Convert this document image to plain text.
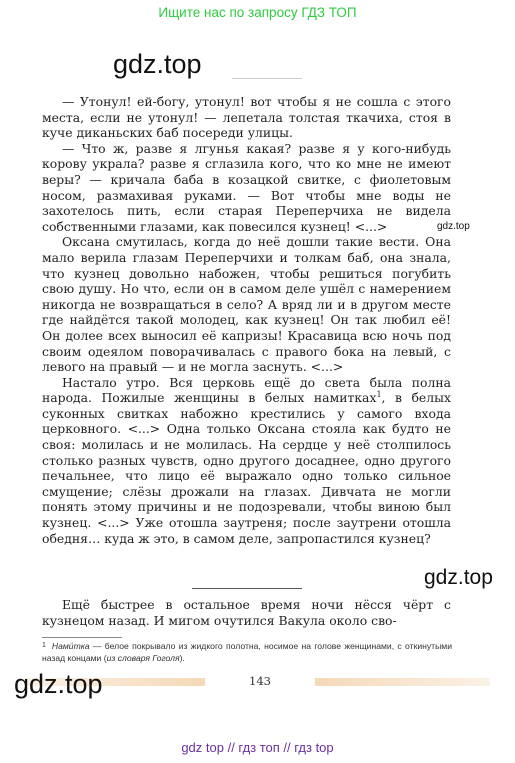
Ищите нас по запросу ГДЗ ТОП
gdz.top

— Утонул! ей-богу, утонул! вот чтобы я не сошла с этого места, если не утонул! — лепетала толстая ткачиха, стоя в куче диканьских баб посереди улицы.

— Что ж, разве я лгунья какая? разве я у кого-нибудь корову украла? разве я сглазила кого, что ко мне не имеют веры? — кричала баба в козацкой свитке, с фиолетовым носом, размахивая руками. — Вот чтобы мне воды не захотелось пить, если старая Переперчиха не видела собственными глазами, как повесился кузнец! <...>

Оксана смутилась, когда до неё дошли такие вести. Она мало верила глазам Переперчихи и толкам баб, она знала, что кузнец довольно набожен, чтобы решиться погубить свою душу. Но что, если он в самом деле ушёл с намерением никогда не возвращаться в село? А вряд ли и в другом месте где найдётся такой молодец, как кузнец! Он так любил её! Он долее всех выносил её капризы! Красавица всю ночь под своим одеялом поворачивалась с правого бока на левый, с левого на правый — и не могла заснуть. <...>

Настало утро. Вся церковь ещё до света была полна народа. Пожилые женщины в белых намитках$^1$, в белых суконных свитках набожно крестились у самого входа церковного. <...> Одна только Оксана стояла как будто не своя: молилась и не молилась. На сердце у неё столпилось столько разных чувств, одно другого досаднее, одно другого печальнее, что лицо её выражало одно только сильное смущение; слёзы дрожали на глазах. Дивчата не могли понять этому причины и не подозревали, чтобы виною был кузнец. <...> Уже отошла заутреня; после заутрени отошла обедня… куда ж это, в самом деле, запропастился кузнец?

gdz.top
gdz.top

Ещё быстрее в остальное время ночи нёсся чёрт с кузнецом назад. И мигом очутился Вакула около сво-

$^1$ Нами́тка — белое покрывало из жидкого полотна, носимое на голове женщинами, с откинутыми назад концами (из словаря Гоголя).
143
gdz.top
gdz top // гдз топ // гдз top
